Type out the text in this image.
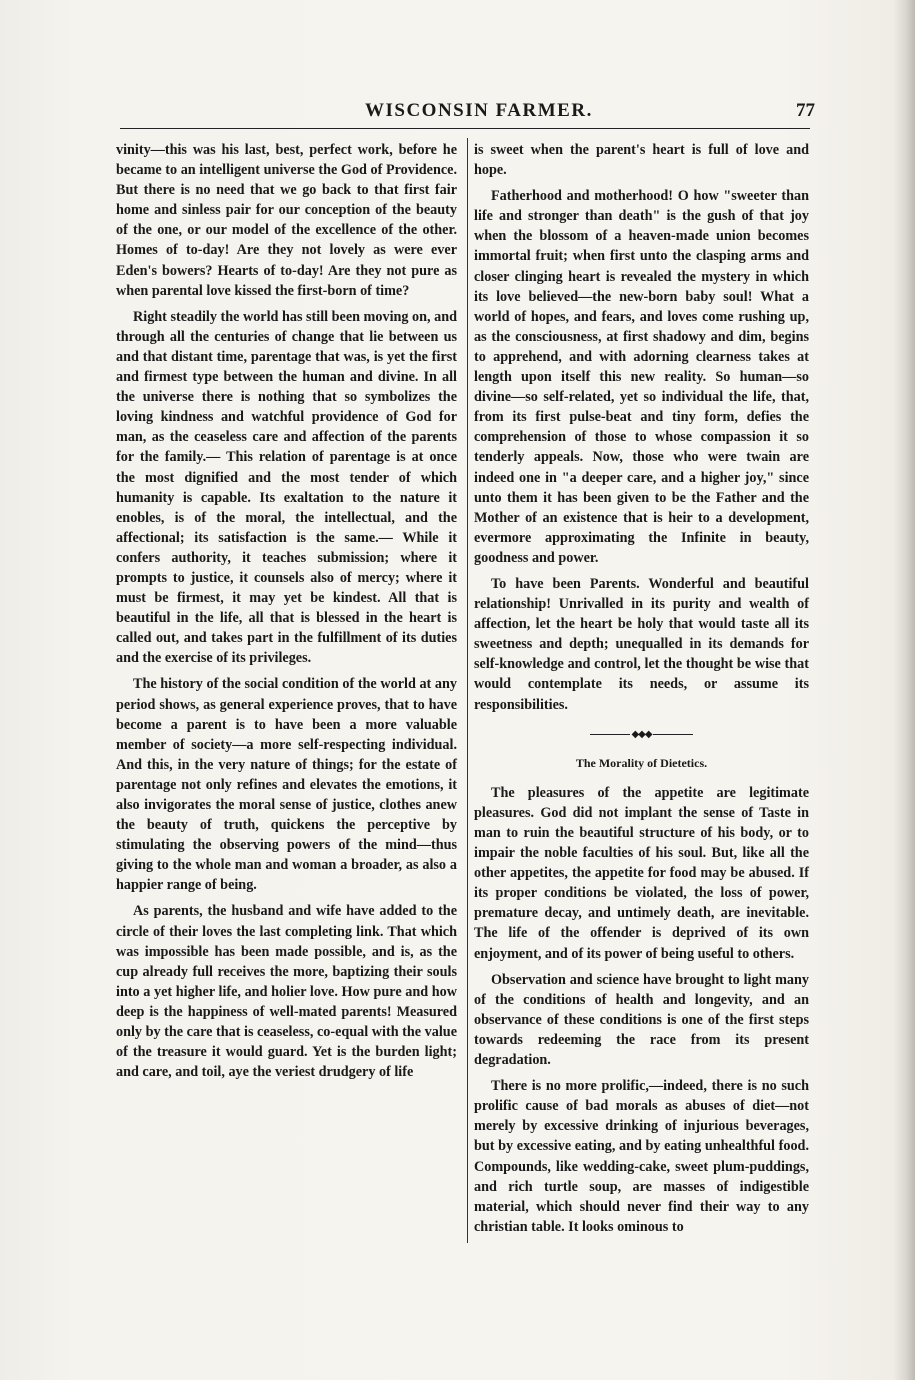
WISCONSIN FARMER.	77

vinity—this was his last, best, perfect work, before he became to an intelligent universe the God of Providence. But there is no need that we go back to that first fair home and sinless pair for our conception of the beauty of the one, or our model of the excellence of the other. Homes of to-day! Are they not lovely as were ever Eden's bowers? Hearts of to-day! Are they not pure as when parental love kissed the first-born of time?

Right steadily the world has still been moving on, and through all the centuries of change that lie between us and that distant time, parentage that was, is yet the first and firmest type between the human and divine. In all the universe there is nothing that so symbolizes the loving kindness and watchful providence of God for man, as the ceaseless care and affection of the parents for the family.— This relation of parentage is at once the most dignified and the most tender of which humanity is capable. Its exaltation to the nature it enobles, is of the moral, the intellectual, and the affectional; its satisfaction is the same.— While it confers authority, it teaches submission; where it prompts to justice, it counsels also of mercy; where it must be firmest, it may yet be kindest. All that is beautiful in the life, all that is blessed in the heart is called out, and takes part in the fulfillment of its duties and the exercise of its privileges.

The history of the social condition of the world at any period shows, as general experience proves, that to have become a parent is to have been a more valuable member of society—a more self-respecting individual. And this, in the very nature of things; for the estate of parentage not only refines and elevates the emotions, it also invigorates the moral sense of justice, clothes anew the beauty of truth, quickens the perceptive by stimulating the observing powers of the mind—thus giving to the whole man and woman a broader, as also a happier range of being.

As parents, the husband and wife have added to the circle of their loves the last completing link. That which was impossible has been made possible, and is, as the cup already full receives the more, baptizing their souls into a yet higher life, and holier love. How pure and how deep is the happiness of well-mated parents! Measured only by the care that is ceaseless, co-equal with the value of the treasure it would guard. Yet is the burden light; and care, and toil, aye the veriest drudgery of life

is sweet when the parent's heart is full of love and hope.

Fatherhood and motherhood! O how "sweeter than life and stronger than death" is the gush of that joy when the blossom of a heaven-made union becomes immortal fruit; when first unto the clasping arms and closer clinging heart is revealed the mystery in which its love believed—the new-born baby soul! What a world of hopes, and fears, and loves come rushing up, as the consciousness, at first shadowy and dim, begins to apprehend, and with adorning clearness takes at length upon itself this new reality. So human—so divine—so self-related, yet so individual the life, that, from its first pulse-beat and tiny form, defies the comprehension of those to whose compassion it so tenderly appeals. Now, those who were twain are indeed one in "a deeper care, and a higher joy," since unto them it has been given to be the Father and the Mother of an existence that is heir to a development, evermore approximating the Infinite in beauty, goodness and power.

To have been Parents. Wonderful and beautiful relationship! Unrivalled in its purity and wealth of affection, let the heart be holy that would taste all its sweetness and depth; unequalled in its demands for self-knowledge and control, let the thought be wise that would contemplate its needs, or assume its responsibilities.

◆◆◆
The Morality of Dietetics.

The pleasures of the appetite are legitimate pleasures. God did not implant the sense of Taste in man to ruin the beautiful structure of his body, or to impair the noble faculties of his soul. But, like all the other appetites, the appetite for food may be abused. If its proper conditions be violated, the loss of power, premature decay, and untimely death, are inevitable. The life of the offender is deprived of its own enjoyment, and of its power of being useful to others.

Observation and science have brought to light many of the conditions of health and longevity, and an observance of these conditions is one of the first steps towards redeeming the race from its present degradation.

There is no more prolific,—indeed, there is no such prolific cause of bad morals as abuses of diet—not merely by excessive drinking of injurious beverages, but by excessive eating, and by eating unhealthful food. Compounds, like wedding-cake, sweet plum-puddings, and rich turtle soup, are masses of indigestible material, which should never find their way to any christian table. It looks ominous to
